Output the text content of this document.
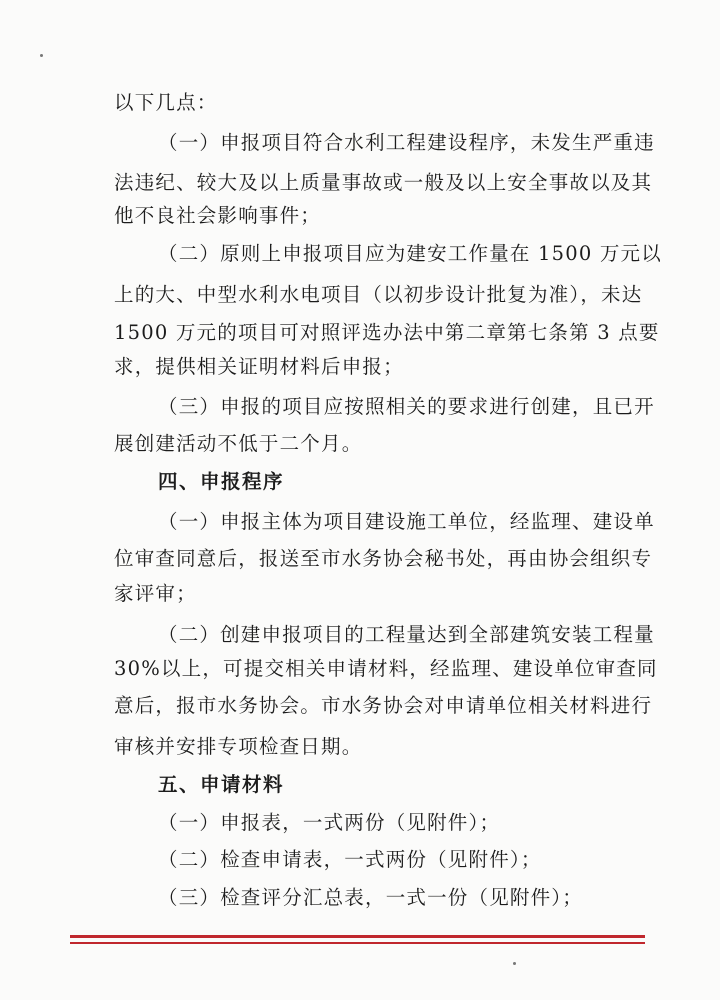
以下几点：
（一）申报项目符合水利工程建设程序，未发生严重违
法违纪、较大及以上质量事故或一般及以上安全事故以及其
他不良社会影响事件；
（二）原则上申报项目应为建安工作量在 1500 万元以
上的大、中型水利水电项目（以初步设计批复为准），未达
1500 万元的项目可对照评选办法中第二章第七条第 3 点要
求，提供相关证明材料后申报；
（三）申报的项目应按照相关的要求进行创建，且已开
展创建活动不低于二个月。
四、申报程序
（一）申报主体为项目建设施工单位，经监理、建设单
位审查同意后，报送至市水务协会秘书处，再由协会组织专
家评审；
（二）创建申报项目的工程量达到全部建筑安装工程量
30%以上，可提交相关申请材料，经监理、建设单位审查同
意后，报市水务协会。市水务协会对申请单位相关材料进行
审核并安排专项检查日期。
五、申请材料
（一）申报表，一式两份（见附件）；
（二）检查申请表，一式两份（见附件）；
（三）检查评分汇总表，一式一份（见附件）；
